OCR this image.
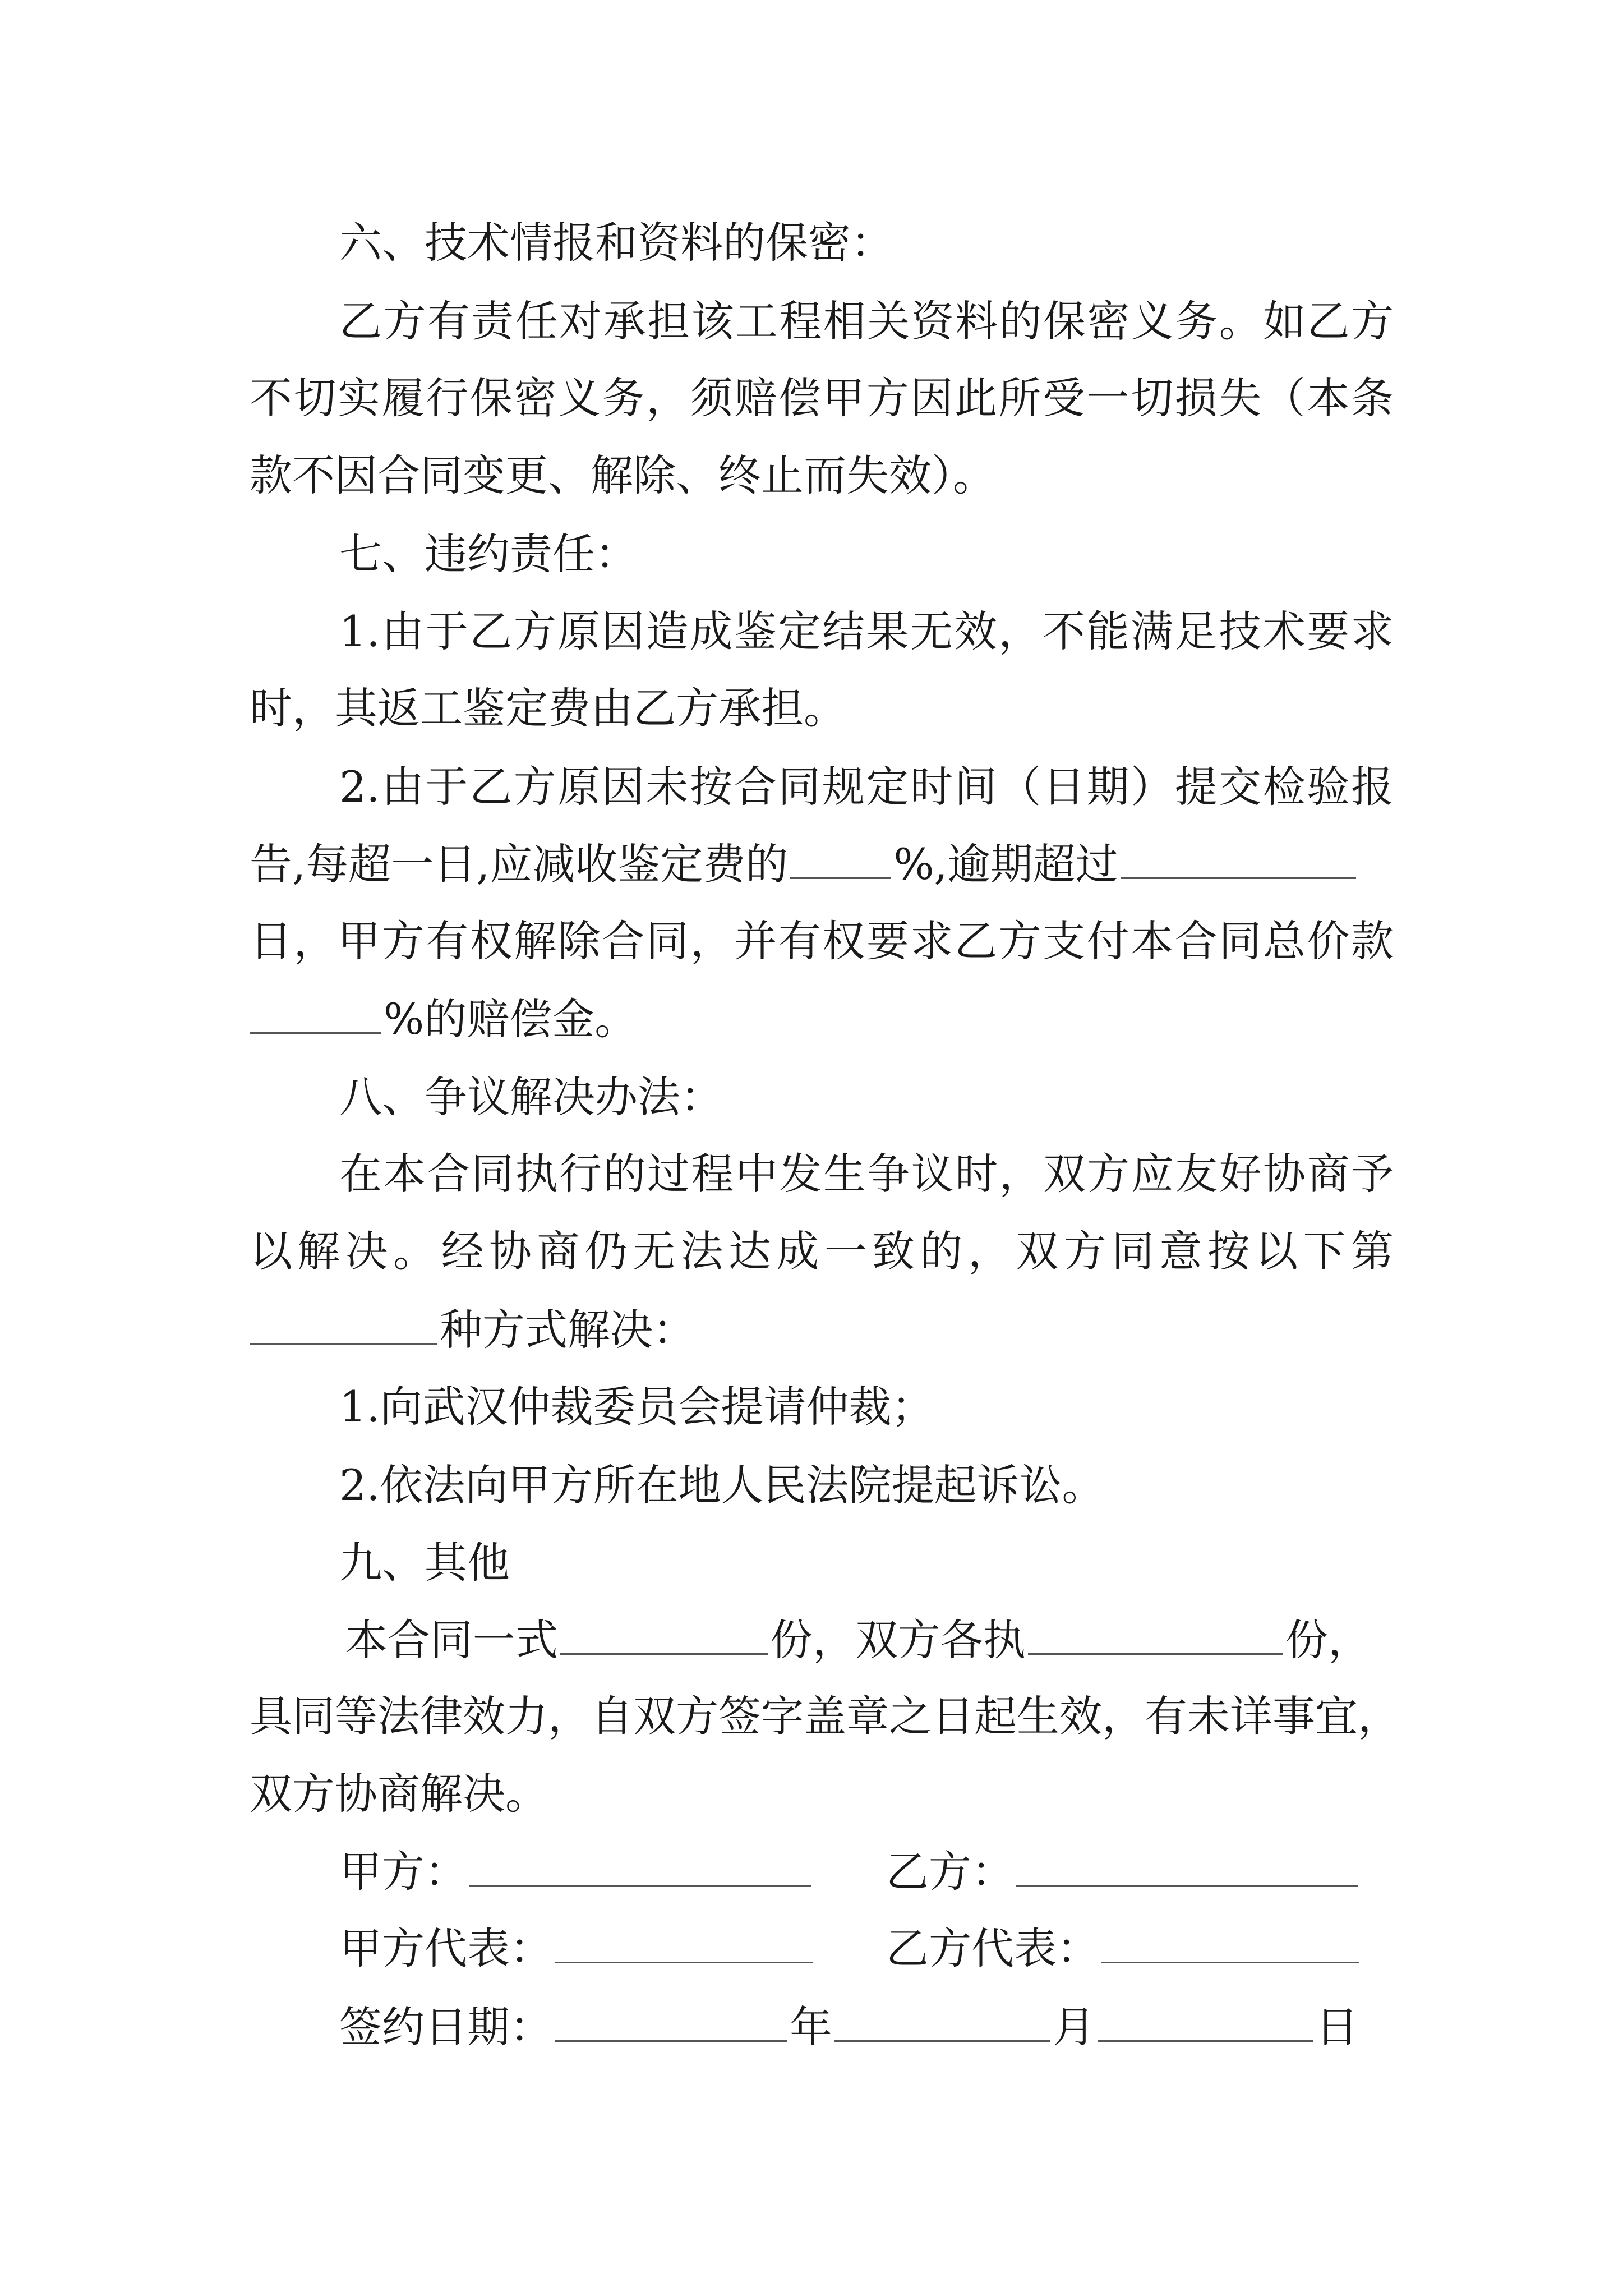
六、技术情报和资料的保密：
乙方有责任对承担该工程相关资料的保密义务。如乙方
不切实履行保密义务，须赔偿甲方因此所受一切损失（本条
款不因合同变更、解除、终止而失效）。
七、违约责任：
1.由于乙方原因造成鉴定结果无效，不能满足技术要求
时，其返工鉴定费由乙方承担。
2.由于乙方原因未按合同规定时间（日期）提交检验报
告,每超一日,应减收鉴定费的 %,逾期超过
日，甲方有权解除合同，并有权要求乙方支付本合同总价款
%的赔偿金。
八、争议解决办法：
在本合同执行的过程中发生争议时，双方应友好协商予
以解决。经协商仍无法达成一致的，双方同意按以下第
种方式解决：
1.向武汉仲裁委员会提请仲裁；
2.依法向甲方所在地人民法院提起诉讼。
九、其他
本合同一式	份，双方各执	份，
具同等法律效力，自双方签字盖章之日起生效，有未详事宜，
双方协商解决。
甲方：	乙方：
甲方代表：	乙方代表：
签约日期：	年	月	日
